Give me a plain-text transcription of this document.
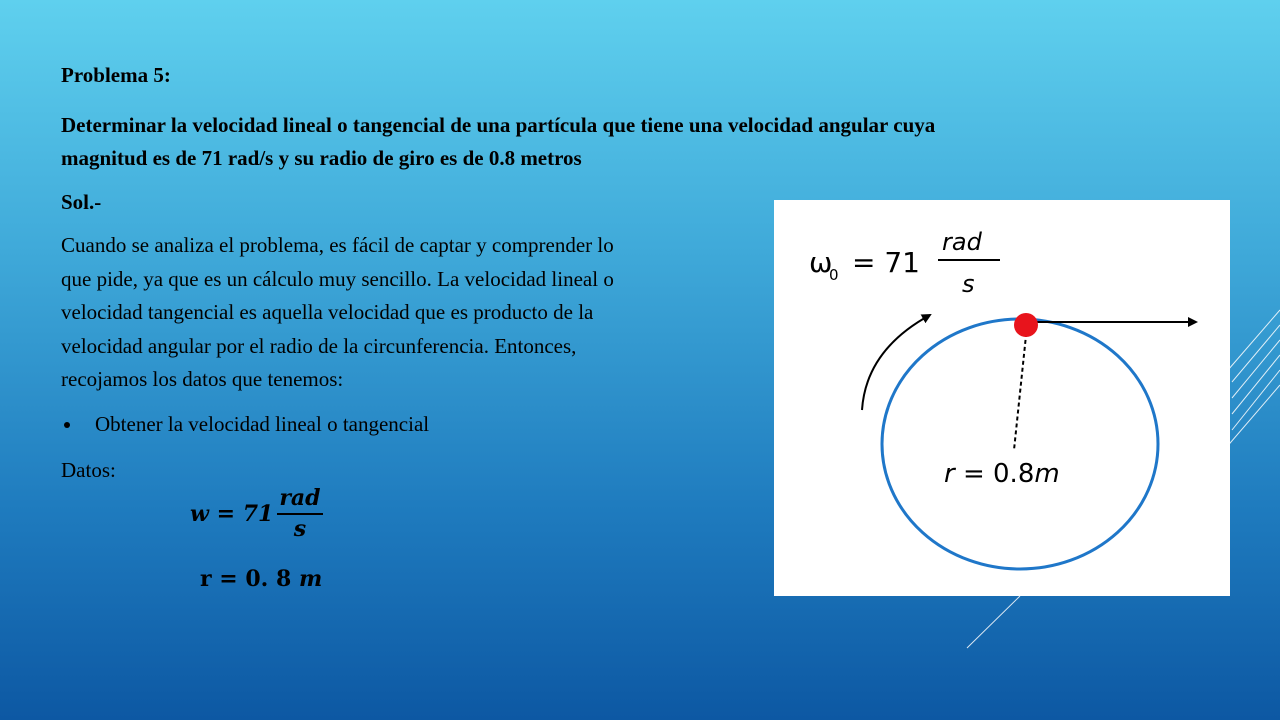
Problema 5:

Determinar la velocidad lineal o tangencial de una partícula que tiene una velocidad angular cuya
magnitud es de 71 rad/s y su radio de giro es de 0.8 metros

Sol.-

Cuando se analiza el problema, es fácil de captar y comprender lo
que pide, ya que es un cálculo muy sencillo. La velocidad lineal o
velocidad tangencial es aquella velocidad que es producto de la
velocidad angular por el radio de la circunferencia. Entonces,
recojamos los datos que tenemos:
Obtener la velocidad lineal o tangencial

Datos:

$w = 71 \frac{\text{rad}}{s}$
r = 0. 8 m
ω
0 = 71
rad
s
r = 0.8m
